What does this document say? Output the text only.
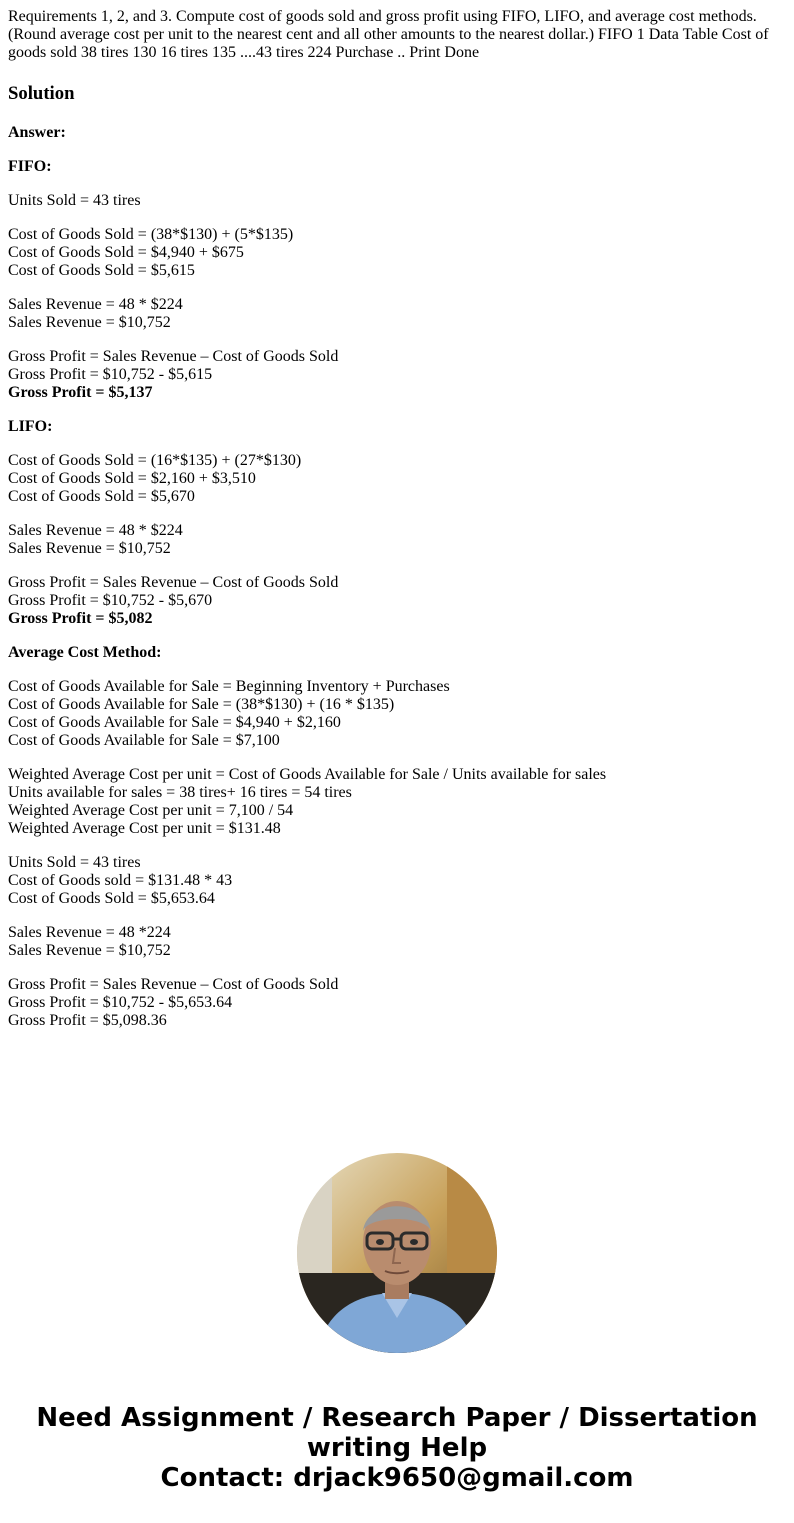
Requirements 1, 2, and 3. Compute cost of goods sold and gross profit using FIFO, LIFO, and average cost methods. (Round average cost per unit to the nearest cent and all other amounts to the nearest dollar.) FIFO 1 Data Table Cost of goods sold 38 tires 130 16 tires 135 ....43 tires 224 Purchase .. Print Done

Solution
Answer:
FIFO:
Units Sold = 43 tires
Cost of Goods Sold = (38*$130) + (5*$135)
Cost of Goods Sold = $4,940 + $675
Cost of Goods Sold = $5,615
Sales Revenue = 48 * $224
Sales Revenue = $10,752
Gross Profit = Sales Revenue – Cost of Goods Sold
Gross Profit = $10,752 - $5,615
Gross Profit = $5,137
LIFO:
Cost of Goods Sold = (16*$135) + (27*$130)
Cost of Goods Sold = $2,160 + $3,510
Cost of Goods Sold = $5,670
Sales Revenue = 48 * $224
Sales Revenue = $10,752
Gross Profit = Sales Revenue – Cost of Goods Sold
Gross Profit = $10,752 - $5,670
Gross Profit = $5,082
Average Cost Method:
Cost of Goods Available for Sale = Beginning Inventory + Purchases
Cost of Goods Available for Sale = (38*$130) + (16 * $135)
Cost of Goods Available for Sale = $4,940 + $2,160
Cost of Goods Available for Sale = $7,100
Weighted Average Cost per unit = Cost of Goods Available for Sale / Units available for sales
Units available for sales = 38 tires+ 16 tires = 54 tires
Weighted Average Cost per unit = 7,100 / 54
Weighted Average Cost per unit = $131.48
Units Sold = 43 tires
Cost of Goods sold = $131.48 * 43
Cost of Goods Sold = $5,653.64
Sales Revenue = 48 *224
Sales Revenue = $10,752
Gross Profit = Sales Revenue – Cost of Goods Sold
Gross Profit = $10,752 - $5,653.64
Gross Profit = $5,098.36
Need Assignment / Research Paper / Dissertation
writing Help
Contact: drjack9650@gmail.com
